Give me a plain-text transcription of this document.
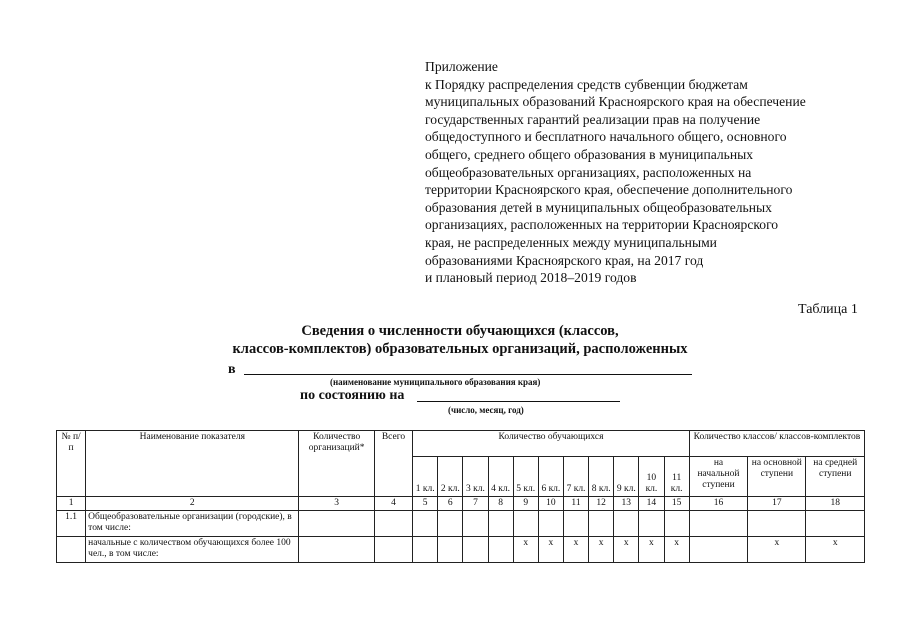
Приложение
к Порядку распределения средств субвенции бюджетам
муниципальных образований Красноярского края на обеспечение
государственных гарантий реализации прав на получение
общедоступного и бесплатного начального общего, основного
общего, среднего общего образования в муниципальных
общеобразовательных организациях, расположенных на
территории Красноярского края, обеспечение дополнительного
образования детей в муниципальных общеобразовательных
организациях, расположенных на территории Красноярского
края, не распределенных между муниципальными
образованиями Красноярского края, на 2017 год
и плановый период 2018–2019 годов
Таблица 1
Сведения о численности обучающихся (классов,
классов-комплектов) образовательных организаций, расположенных
в
(наименование муниципального образования края)
по состоянию на
(число, месяц, год)
№ п/п	Наименование показателя	Количество организаций*	Всего	Количество обучающихся											Количество классов/ классов-комплектов		
				1 кл.	2 кл.	3 кл.	4 кл.	5 кл.	6 кл.	7 кл.	8 кл.	9 кл.	10 кл.	11 кл.	на начальной ступени	на основной ступени	на средней ступени
1	2	3	4	5	6	7	8	9	10	11	12	13	14	15	16	17	18
1.1	Общеобразовательные организации (городские), в том числе:																
	начальные с количеством обучающихся более 100 чел., в том числе:							х	х	х	х	х	х	х		х	х
